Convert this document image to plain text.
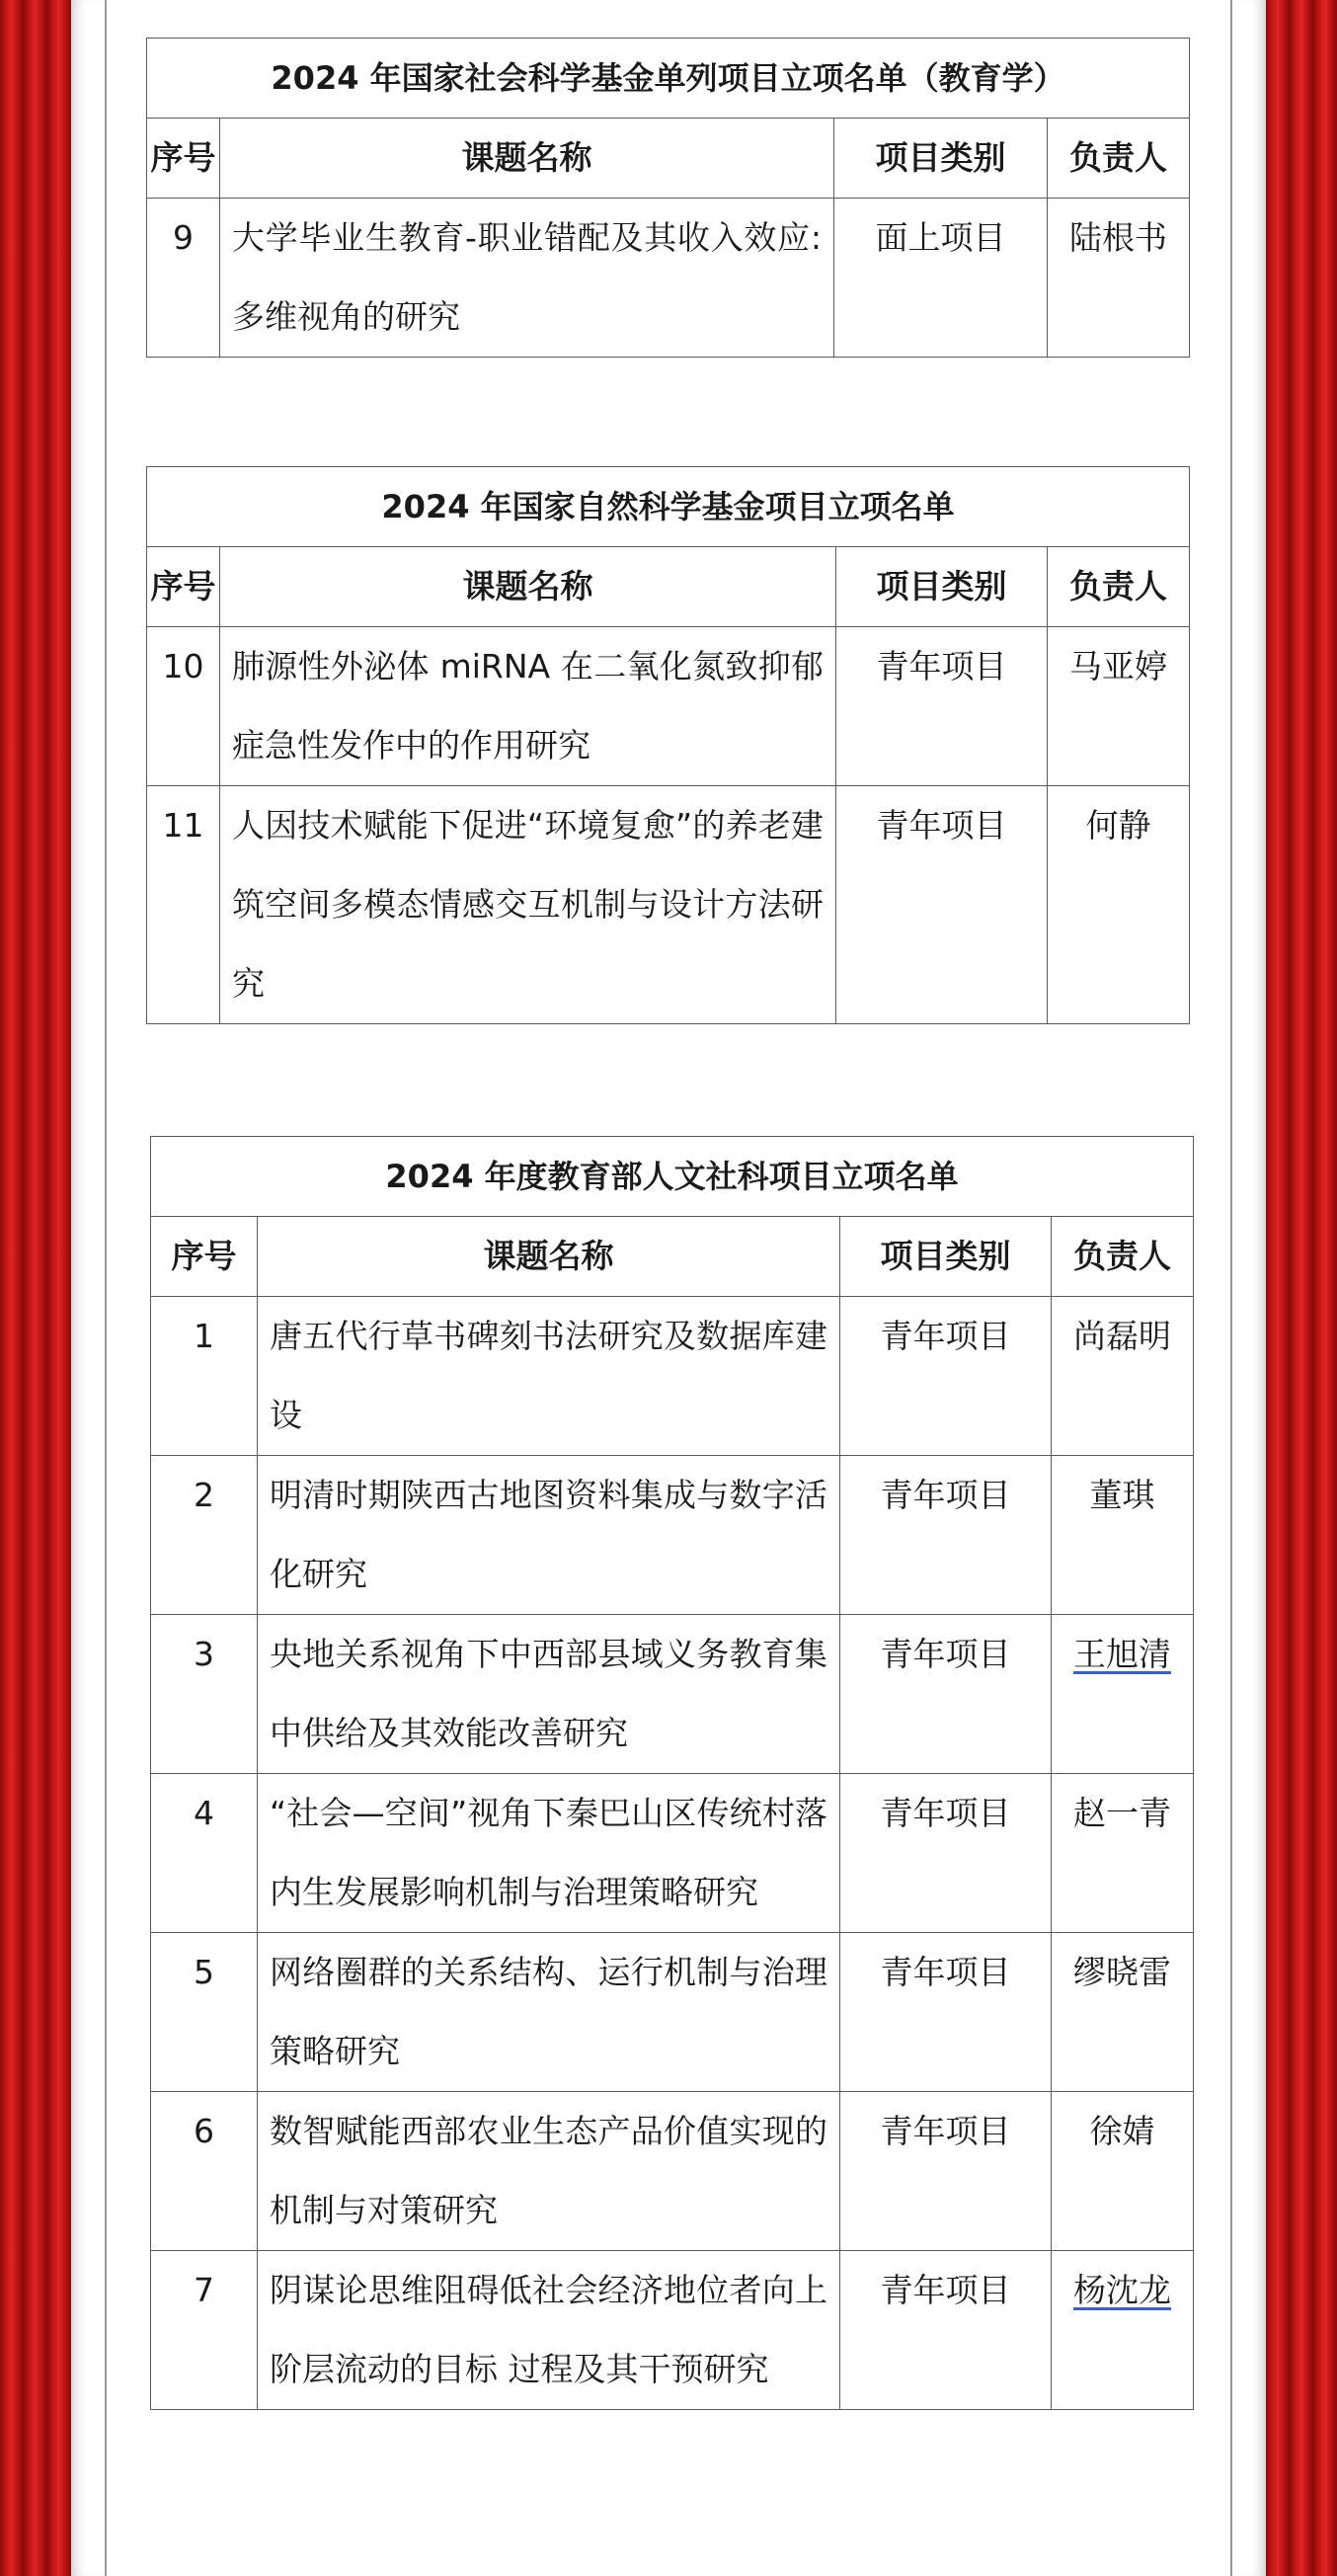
2024 年国家社会科学基金单列项目立项名单（教育学）			
序号	课题名称	项目类别	负责人
9	大学毕业生教育-职业错配及其收入效应:多维视角的研究	面上项目	陆根书
2024 年国家自然科学基金项目立项名单			
序号	课题名称	项目类别	负责人
10	肺源性外泌体 miRNA 在二氧化氮致抑郁症急性发作中的作用研究	青年项目	马亚婷
11	人因技术赋能下促进“环境复愈”的养老建筑空间多模态情感交互机制与设计方法研究	青年项目	何静
2024 年度教育部人文社科项目立项名单			
序号	课题名称	项目类别	负责人
1	唐五代行草书碑刻书法研究及数据库建设	青年项目	尚磊明
2	明清时期陕西古地图资料集成与数字活化研究	青年项目	董琪
3	央地关系视角下中西部县域义务教育集中供给及其效能改善研究	青年项目	王旭清
4	“社会—空间”视角下秦巴山区传统村落内生发展影响机制与治理策略研究	青年项目	赵一青
5	网络圈群的关系结构、运行机制与治理策略研究	青年项目	缪晓雷
6	数智赋能西部农业生态产品价值实现的机制与对策研究	青年项目	徐婧
7	阴谋论思维阻碍低社会经济地位者向上阶层流动的目标 过程及其干预研究	青年项目	杨沈龙
